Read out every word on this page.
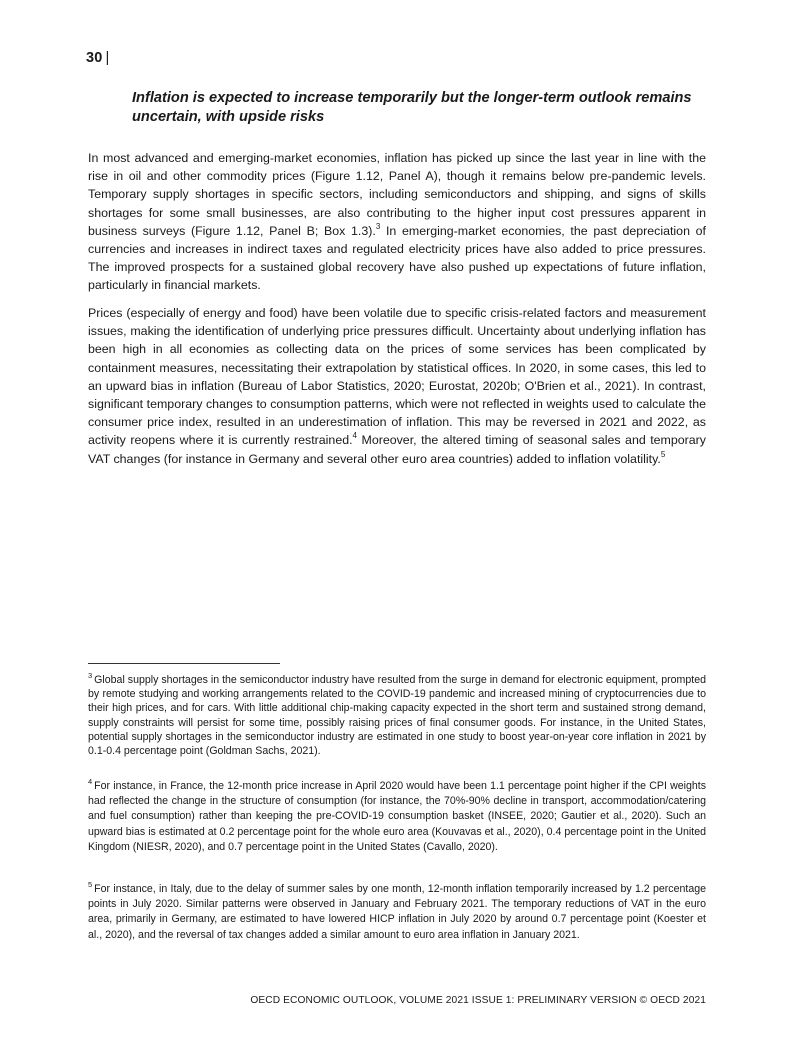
30 |
Inflation is expected to increase temporarily but the longer-term outlook remains uncertain, with upside risks

In most advanced and emerging-market economies, inflation has picked up since the last year in line with the rise in oil and other commodity prices (Figure 1.12, Panel A), though it remains below pre-pandemic levels. Temporary supply shortages in specific sectors, including semiconductors and shipping, and signs of skills shortages for some small businesses, are also contributing to the higher input cost pressures apparent in business surveys (Figure 1.12, Panel B; Box 1.3).$^3$ In emerging-market economies, the past depreciation of currencies and increases in indirect taxes and regulated electricity prices have also added to price pressures. The improved prospects for a sustained global recovery have also pushed up expectations of future inflation, particularly in financial markets.

Prices (especially of energy and food) have been volatile due to specific crisis-related factors and measurement issues, making the identification of underlying price pressures difficult. Uncertainty about underlying inflation has been high in all economies as collecting data on the prices of some services has been complicated by containment measures, necessitating their extrapolation by statistical offices. In 2020, in some cases, this led to an upward bias in inflation (Bureau of Labor Statistics, 2020; Eurostat, 2020b; O'Brien et al., 2021). In contrast, significant temporary changes to consumption patterns, which were not reflected in weights used to calculate the consumer price index, resulted in an underestimation of inflation. This may be reversed in 2021 and 2022, as activity reopens where it is currently restrained.$^4$ Moreover, the altered timing of seasonal sales and temporary VAT changes (for instance in Germany and several other euro area countries) added to inflation volatility.$^5$

$^3$ Global supply shortages in the semiconductor industry have resulted from the surge in demand for electronic equipment, prompted by remote studying and working arrangements related to the COVID-19 pandemic and increased mining of cryptocurrencies due to their high prices, and for cars. With little additional chip-making capacity expected in the short term and sustained strong demand, supply constraints will persist for some time, possibly raising prices of final consumer goods. For instance, in the United States, potential supply shortages in the semiconductor industry are estimated in one study to boost year-on-year core inflation in 2021 by 0.1-0.4 percentage point (Goldman Sachs, 2021).

$^4$ For instance, in France, the 12-month price increase in April 2020 would have been 1.1 percentage point higher if the CPI weights had reflected the change in the structure of consumption (for instance, the 70%-90% decline in transport, accommodation/catering and fuel consumption) rather than keeping the pre-COVID-19 consumption basket (INSEE, 2020; Gautier et al., 2020). Such an upward bias is estimated at 0.2 percentage point for the whole euro area (Kouvavas et al., 2020), 0.4 percentage point in the United Kingdom (NIESR, 2020), and 0.7 percentage point in the United States (Cavallo, 2020).

$^5$ For instance, in Italy, due to the delay of summer sales by one month, 12-month inflation temporarily increased by 1.2 percentage points in July 2020. Similar patterns were observed in January and February 2021. The temporary reductions of VAT in the euro area, primarily in Germany, are estimated to have lowered HICP inflation in July 2020 by around 0.7 percentage point (Koester et al., 2020), and the reversal of tax changes added a similar amount to euro area inflation in January 2021.

OECD ECONOMIC OUTLOOK, VOLUME 2021 ISSUE 1: PRELIMINARY VERSION © OECD 2021
